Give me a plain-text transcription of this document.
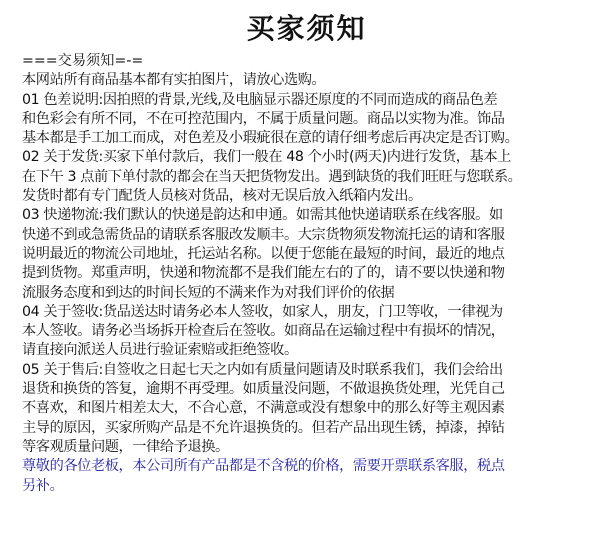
买家须知

===交易须知=-=

本网站所有商品基本都有实拍图片，请放心选购。

01 色差说明:因拍照的背景,光线,及电脑显示器还原度的不同而造成的商品色差

和色彩会有所不同，不在可控范围内，不属于质量问题。商品以实物为准。饰品

基本都是手工加工而成，对色差及小瑕疵很在意的请仔细考虑后再决定是否订购。

02 关于发货:买家下单付款后，我们一般在 48 个小时(两天)内进行发货，基本上

在下午 3 点前下单付款的都会在当天把货物发出。遇到缺货的我们旺旺与您联系。

发货时都有专门配货人员核对货品，核对无误后放入纸箱内发出。

03 快递物流:我们默认的快递是韵达和申通。如需其他快递请联系在线客服。如

快递不到或急需货品的请联系客服改发顺丰。大宗货物须发物流托运的请和客服

说明最近的物流公司地址，托运站名称。以便于您能在最短的时间，最近的地点

提到货物。郑重声明，快递和物流都不是我们能左右的了的，请不要以快递和物

流服务态度和到达的时间长短的不满来作为对我们评价的依据

04 关于签收:货品送达时请务必本人签收，如家人，朋友，门卫等收，一律视为

本人签收。请务必当场拆开检查后在签收。如商品在运输过程中有损坏的情况，

请直接向派送人员进行验证索赔或拒绝签收。

05 关于售后:自签收之日起七天之内如有质量问题请及时联系我们，我们会给出

退货和换货的答复，逾期不再受理。如质量没问题，不做退换货处理，光凭自己

不喜欢，和图片相差太大，不合心意，不满意或没有想象中的那么好等主观因素

主导的原因，买家所购产品是不允许退换货的。但若产品出现生锈，掉漆，掉钻

等客观质量问题，一律给予退换。

尊敬的各位老板，本公司所有产品都是不含税的价格，需要开票联系客服，税点

另补。
